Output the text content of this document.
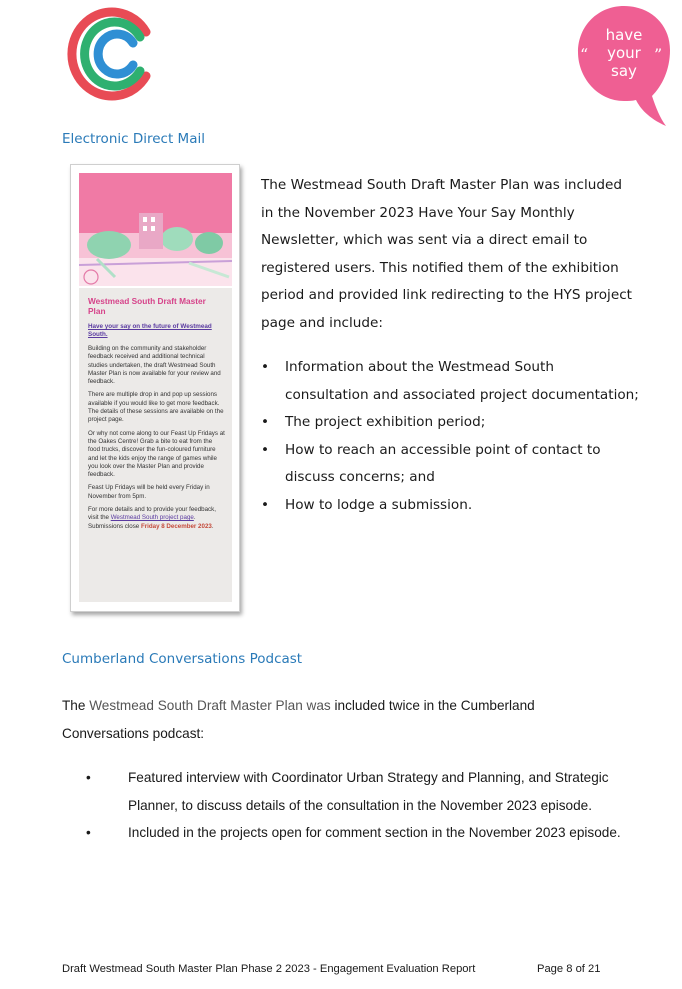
“	”
have
your
say
Electronic Direct Mail
Westmead South Draft Master Plan
Have your say on the future of Westmead South.
Building on the community and stakeholder feedback received and additional technical studies undertaken, the draft Westmead South Master Plan is now available for your review and feedback.
There are multiple drop in and pop up sessions available if you would like to get more feedback. The details of these sessions are available on the project page.
Or why not come along to our Feast Up Fridays at the Oakes Centre! Grab a bite to eat from the food trucks, discover the fun-coloured furniture and let the kids enjoy the range of games while you look over the Master Plan and provide feedback.
Feast Up Fridays will be held every Friday in November from 5pm.
For more details and to provide your feedback, visit the Westmead South project page. Submissions close Friday 8 December 2023.
The Westmead South Draft Master Plan was included in the November 2023 Have Your Say Monthly Newsletter, which was sent via a direct email to registered users. This notified them of the exhibition period and provided link redirecting to the HYS project page and include:
• Information about the Westmead South consultation and associated project documentation;
• The project exhibition period;
• How to reach an accessible point of contact to discuss concerns; and
• How to lodge a submission.
Cumberland Conversations Podcast
The Westmead South Draft Master Plan was included twice in the Cumberland Conversations podcast:
•	Featured interview with Coordinator Urban Strategy and Planning, and Strategic Planner, to discuss details of the consultation in the November 2023 episode.
•	Included in the projects open for comment section in the November 2023 episode.
Draft Westmead South Master Plan Phase 2 2023 - Engagement Evaluation Report	Page 8 of 21
